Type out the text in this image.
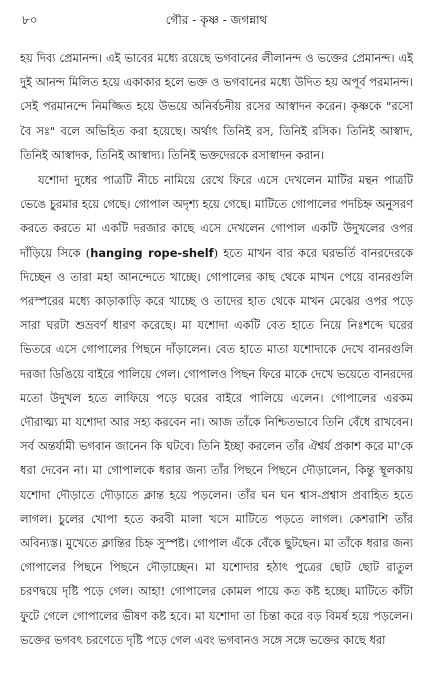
৮০	গৌর - কৃষ্ণ - জগন্নাথ

হয় দিব্য প্রেমানন্দ। এই ভাবের মধ্যে রয়েছে ভগবানের লীলানন্দ ও ভক্তের প্রেমানন্দ। এই দুই আনন্দ মিলিত হয়ে একাকার হলে ভক্ত ও ভগবানের মধ্যে উদিত হয় অপূর্ব পরমানন্দ। সেই পরমানন্দে নিমজ্জিত হয়ে উভয়ে অনির্বচনীয় রসের আস্বাদন করেন। কৃষ্ণকে "রসো বৈ সঃ" বলে অভিহিত করা হয়েছে। অর্থাৎ তিনিই রস, তিনিই রসিক। তিনিই আস্বাদ, তিনিই আস্বাদক, তিনিই আস্বাদ্য। তিনিই ভক্তদেরকে রসাস্বাদন করান।

যশোদা দুধের পাত্রটি নীচে নামিয়ে রেখে ফিরে এসে দেখলেন মাটির মন্থন পাত্রটি ভেঙে চুরমার হয়ে গেছে। গোপাল অদৃশ্য হয়ে গেছে। মাটিতে গোপালের পদচিহ্ন অনুসরণ করতে করতে মা একটি দরজার কাছে এসে দেখলেন গোপাল একটি উদুখলের ওপর দাঁড়িয়ে সিকে (hanging rope-shelf) হতে মাখন বার করে ঘরভর্তি বানরদেরকে দিচ্ছেন ও তারা মহা আনন্দেতে খাচ্ছে। গোপালের কাছ থেকে মাখন পেয়ে বানরগুলি পরস্পরের মধ্যে কাড়াকাড়ি করে খাচ্ছে ও তাদের হাত থেকে মাখন মেঝের ওপর পড়ে সারা ঘরটা শুভ্রবর্ণ ধারণ করেছে। মা যশোদা একটি বেত হাতে নিয়ে নিঃশব্দে ঘরের ভিতরে এসে গোপালের পিছনে দাঁড়ালেন। বেত হাতে মাতা যশোদাকে দেখে বানরগুলি দরজা ডিঙিয়ে বাইরে পালিয়ে গেল। গোপালও পিছন ফিরে মাকে দেখে ভয়েতে বানরদের মতো উদুখল হতে লাফিয়ে পড়ে ঘরের বাইরে পালিয়ে এলেন। গোপালের এরকম দৌরাত্ম্য মা যশোদা আর সহ্য করবেন না। আজ তাঁকে নিশ্চিতভাবে তিনি বেঁধে রাখবেন। সর্ব অন্তর্যামী ভগবান জানেন কি ঘটবে। তিনি ইচ্ছা করলেন তাঁর ঐশ্বর্য প্রকাশ করে মা'কে ধরা দেবেন না। মা গোপালকে ধরার জন্য তাঁর পিছনে পিছনে দৌড়ালেন, কিন্তু স্থূলকায় যশোদা দৌড়াতে দৌড়াতে ক্লান্ত হয়ে পড়লেন। তাঁর ঘন ঘন শ্বাস-প্রশ্বাস প্রবাহিত হতে লাগল। চুলের খোপা হতে করবী মালা খসে মাটিতে পড়তে লাগল। কেশরাশি তাঁর অবিন্যস্ত। মুখেতে ক্লান্তির চিহ্ন সুস্পষ্ট। গোপাল এঁকে বেঁকে ছুটছেন। মা তাঁকে ধরার জন্য গোপালের পিছনে পিছনে দৌড়াচ্ছেন। মা যশোদার হঠাৎ পুত্রের ছোট ছোট রাতুল চরণদ্বয়ে দৃষ্টি পড়ে গেল। আহা! গোপালের কোমল পায়ে কত কষ্ট হচ্ছে। মাটিতে কাঁটা ফুটে গেলে গোপালের ভীষণ কষ্ট হবে। মা যশোদা তা চিন্তা করে বড় বিমর্ষ হয়ে পড়লেন। ভক্তের ভগবৎ চরণেতে দৃষ্টি পড়ে গেল এবং ভগবানও সঙ্গে সঙ্গে ভক্তের কাছে ধরা
